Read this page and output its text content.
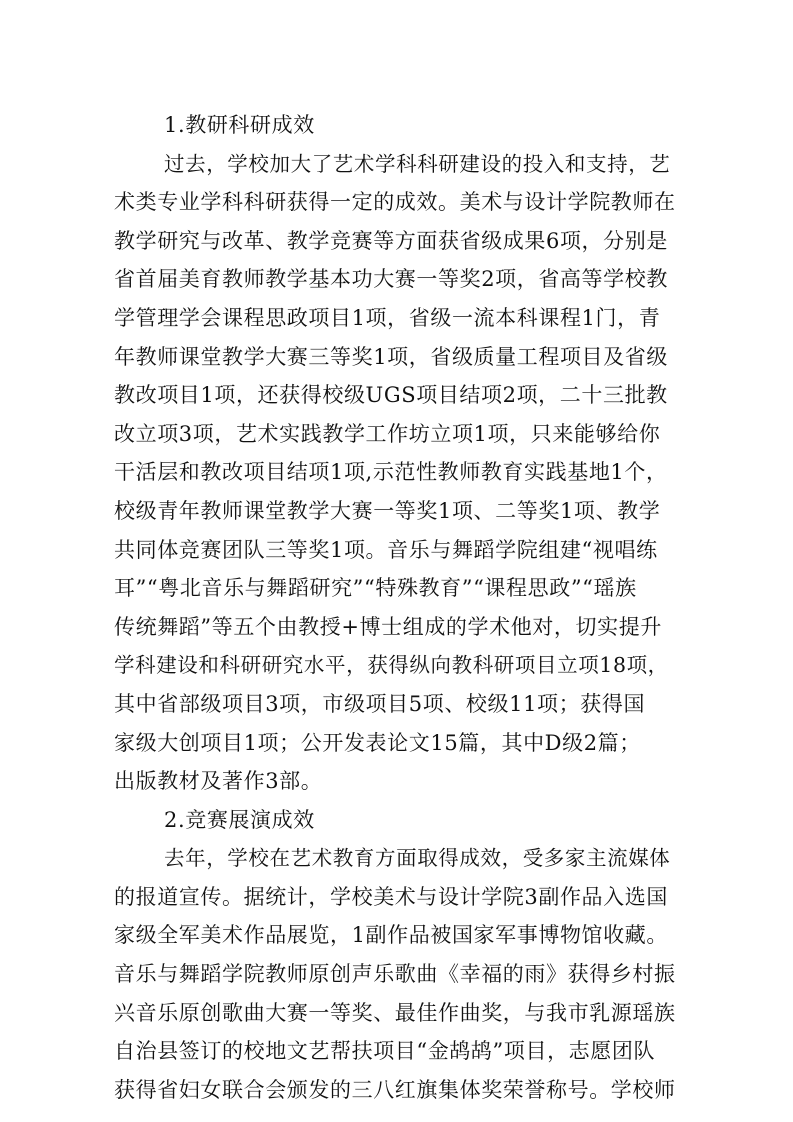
1.教研科研成效
过去，学校加大了艺术学科科研建设的投入和支持，艺
术类专业学科科研获得一定的成效。美术与设计学院教师在
教学研究与改革、教学竞赛等方面获省级成果6项，分别是
省首届美育教师教学基本功大赛一等奖2项，省高等学校教
学管理学会课程思政项目1项，省级一流本科课程1门，青
年教师课堂教学大赛三等奖1项，省级质量工程项目及省级
教改项目1项，还获得校级UGS项目结项2项，二十三批教
改立项3项，艺术实践教学工作坊立项1项，只来能够给你
干活层和教改项目结项1项,示范性教师教育实践基地1个，
校级青年教师课堂教学大赛一等奖1项、二等奖1项、教学
共同体竞赛团队三等奖1项。音乐与舞蹈学院组建“视唱练
耳”“粤北音乐与舞蹈研究”“特殊教育”“课程思政”“瑶族
传统舞蹈”等五个由教授+博士组成的学术他对，切实提升
学科建设和科研研究水平，获得纵向教科研项目立项18项，
其中省部级项目3项，市级项目5项、校级11项；获得国
家级大创项目1项；公开发表论文15篇，其中D级2篇；
出版教材及著作3部。
2.竞赛展演成效
去年，学校在艺术教育方面取得成效，受多家主流媒体
的报道宣传。据统计，学校美术与设计学院3副作品入选国
家级全军美术作品展览，1副作品被国家军事博物馆收藏。
音乐与舞蹈学院教师原创声乐歌曲《幸福的雨》获得乡村振
兴音乐原创歌曲大赛一等奖、最佳作曲奖，与我市乳源瑶族
自治县签订的校地文艺帮扶项目“金鸪鸪”项目，志愿团队
获得省妇女联合会颁发的三八红旗集体奖荣誉称号。学校师
